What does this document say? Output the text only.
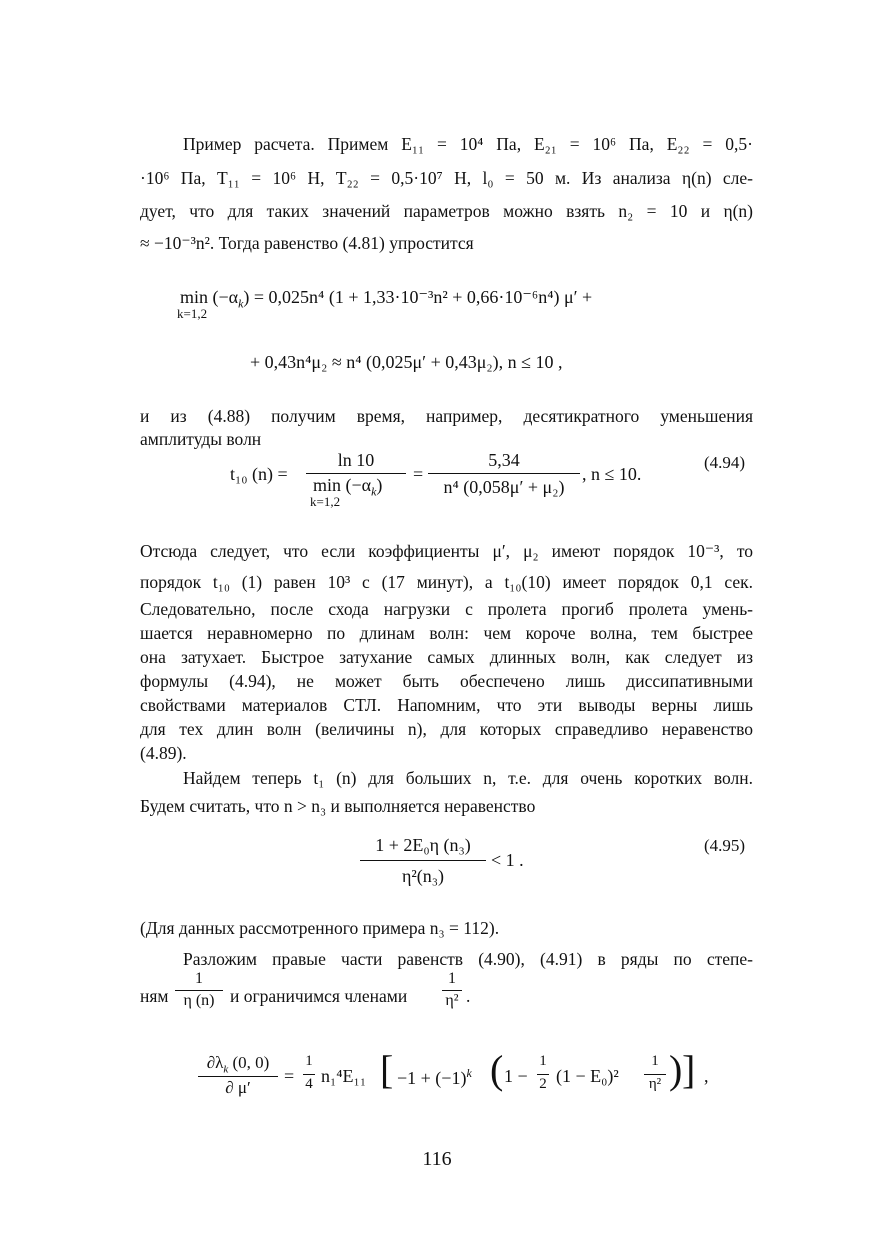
Пример расчета. Примем E₁₁ = 10⁴ Па, E₂₁ = 10⁶ Па, E₂₂ = 0,5·
·10⁶ Па, T₁₁ = 10⁶ Н, T₂₂ = 0,5·10⁷ Н, l₀ = 50 м. Из анализа η(n) сле-
дует, что для таких значений параметров можно взять n₂ = 10 и η(n)
≈ −10⁻³n². Тогда равенство (4.81) упростится
$\min (-\alpha_k) = 0,025n^4$ (1 + 1,33·10⁻³n² + 0,66·10⁻⁶n⁴) μ′ +
k=1,2
+ 0,43n⁴μ₂ ≈ n⁴ (0,025μ′ + 0,43μ₂), n ≤ 10 ,
и из (4.88) получим время, например, десятикратного уменьшения
амплитуды волн
t₁₀ (n) =
ln 10
$\min (-\alpha_k)$
k=1,2
=
5,34
n⁴ (0,058μ′ + μ₂)
, n ≤ 10.
(4.94)
Отсюда следует, что если коэффициенты μ′, μ₂ имеют порядок 10⁻³, то
порядок t₁₀ (1) равен 10³ с (17 минут), а t₁₀(10) имеет порядок 0,1 сек.
Следовательно, после схода нагрузки с пролета прогиб пролета умень-
шается неравномерно по длинам волн: чем короче волна, тем быстрее
она затухает. Быстрое затухание самых длинных волн, как следует из
формулы (4.94), не может быть обеспечено лишь диссипативными
свойствами материалов СТЛ. Напомним, что эти выводы верны лишь
для тех длин волн (величины n), для которых справедливо неравенство
(4.89).
Найдем теперь t₁ (n) для больших n, т.е. для очень коротких волн.
Будем считать, что n > n₃ и выполняется неравенство
1 + 2E₀η (n₃)
η²(n₃)
< 1 .
(4.95)
(Для данных рассмотренного примера n₃ = 112).
Разложим правые части равенств (4.90), (4.91) в ряды по степе-
ням
1
η (n) и ограничимся членами
1
η² .
$\partial\lambda_k$ (0, 0)
∂ μ′
=
1
4 n₁⁴E₁₁ [ $-1 + (-1)^k$ ( 1 −
1
2 (1 − E₀)²
1
η² ) ] ,
116
